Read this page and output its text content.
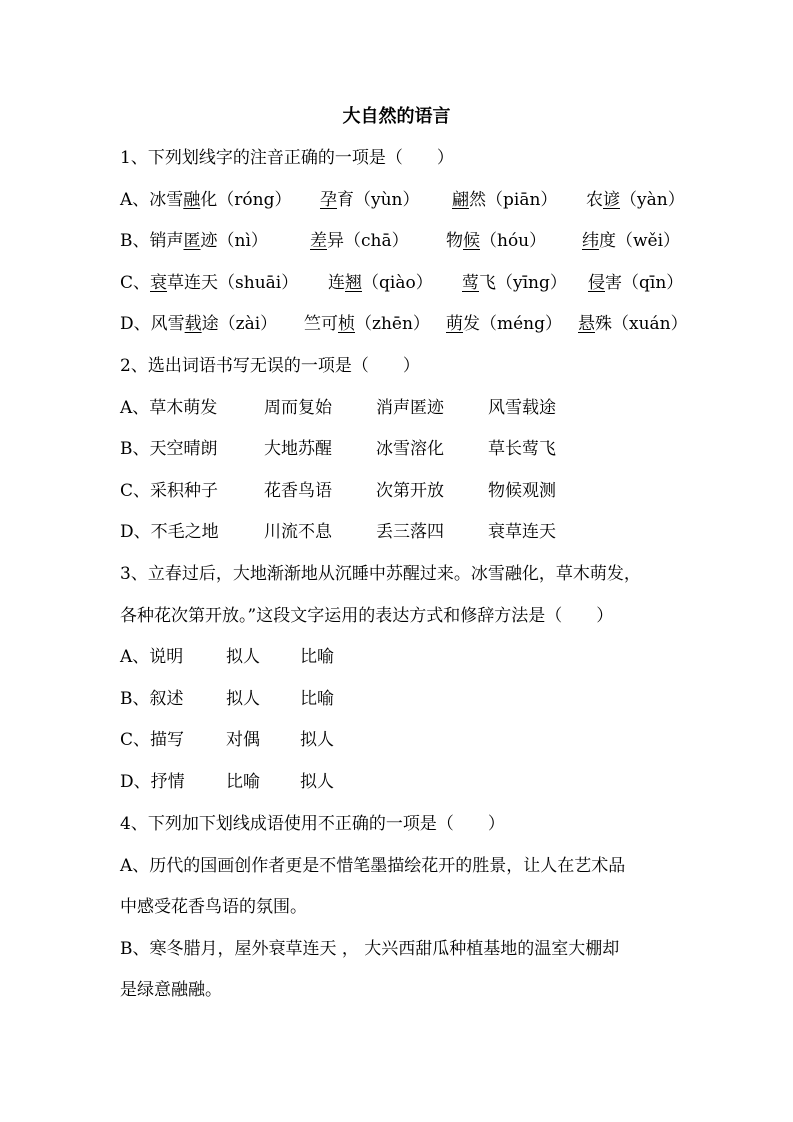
大自然的语言
1、下列划线字的注音正确的一项是（　　）
A、冰雪融化（róng） 孕育（yùn） 翩然（piān） 农谚（yàn）
B、销声匿迹（nì） 差异（chā） 物候（hóu） 纬度（wěi）
C、衰草连天（shuāi） 连翘（qiào） 莺飞（yīng） 侵害（qīn）
D、风雪载途（zài） 竺可桢（zhēn） 萌发（méng） 悬殊（xuán）
2、选出词语书写无误的一项是（　　）
A、草木萌发	周而复始	消声匿迹	风雪载途
B、天空晴朗	大地苏醒	冰雪溶化	草长莺飞
C、采积种子	花香鸟语	次第开放	物候观测
D、不毛之地	川流不息	丢三落四	衰草连天
3、立春过后，大地渐渐地从沉睡中苏醒过来。冰雪融化，草木萌发，
各种花次第开放。”这段文字运用的表达方式和修辞方法是（　　）
A、说明	拟人 比喻
B、叙述	拟人 比喻
C、描写 对偶 拟人
D、抒情 比喻 拟人
4、下列加下划线成语使用不正确的一项是（　　）
A、历代的国画创作者更是不惜笔墨描绘花开的胜景，让人在艺术品
中感受花香鸟语的氛围。
B、寒冬腊月，屋外衰草连天 ， 大兴西甜瓜种植基地的温室大棚却
是绿意融融。
